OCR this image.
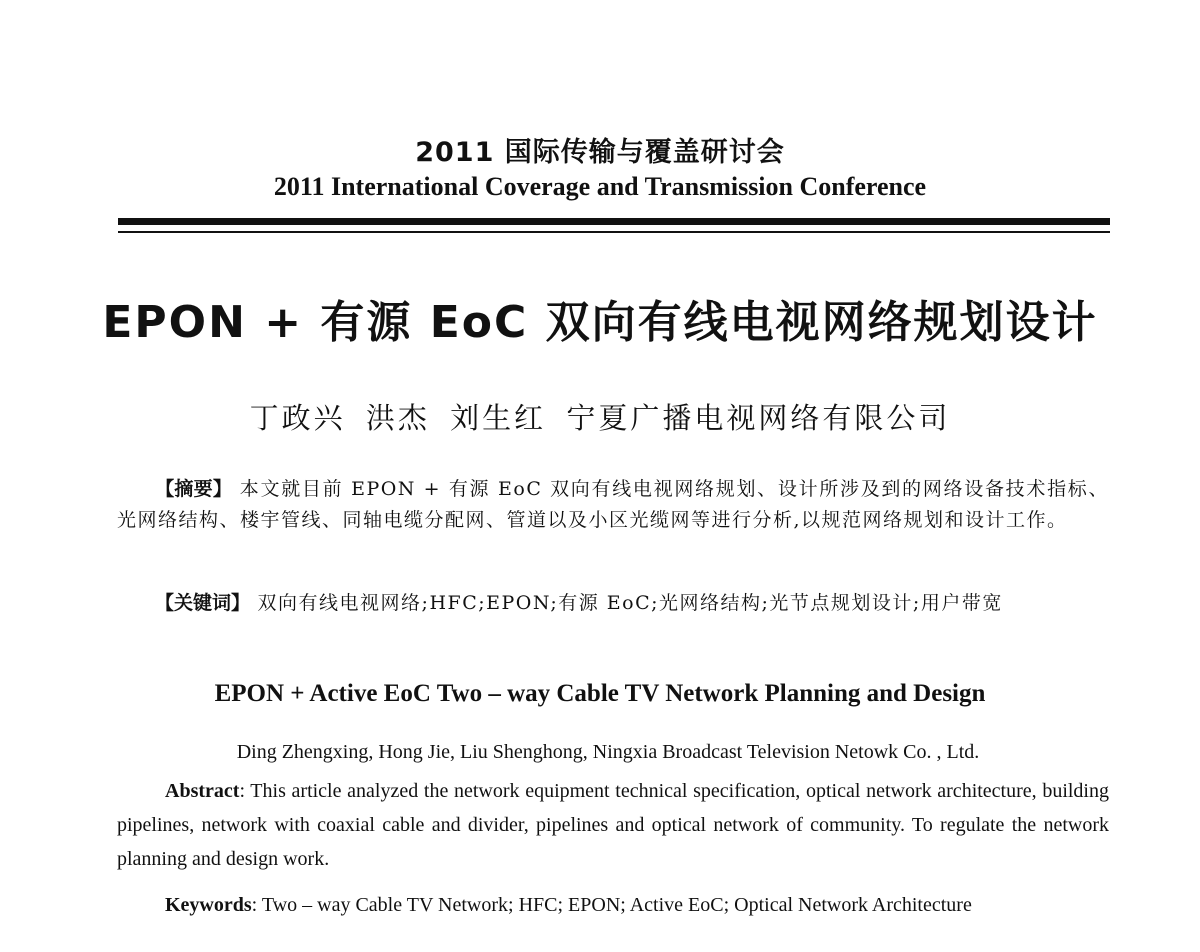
2011 国际传输与覆盖研讨会
2011 International Coverage and Transmission Conference
EPON + 有源 EoC 双向有线电视网络规划设计
丁政兴 洪杰 刘生红 宁夏广播电视网络有限公司
【摘要】 本文就目前 EPON + 有源 EoC 双向有线电视网络规划、设计所涉及到的网络设备技术指标、光网络结构、楼宇管线、同轴电缆分配网、管道以及小区光缆网等进行分析,以规范网络规划和设计工作。
【关键词】 双向有线电视网络;HFC;EPON;有源 EoC;光网络结构;光节点规划设计;用户带宽
EPON + Active EoC Two – way Cable TV Network Planning and Design
Ding Zhengxing, Hong Jie, Liu Shenghong, Ningxia Broadcast Television Netowk Co. , Ltd.
Abstract: This article analyzed the network equipment technical specification, optical network architecture, building pipelines, network with coaxial cable and divider, pipelines and optical network of community. To regulate the network planning and design work.
Keywords: Two – way Cable TV Network; HFC; EPON; Active EoC; Optical Network Architecture
